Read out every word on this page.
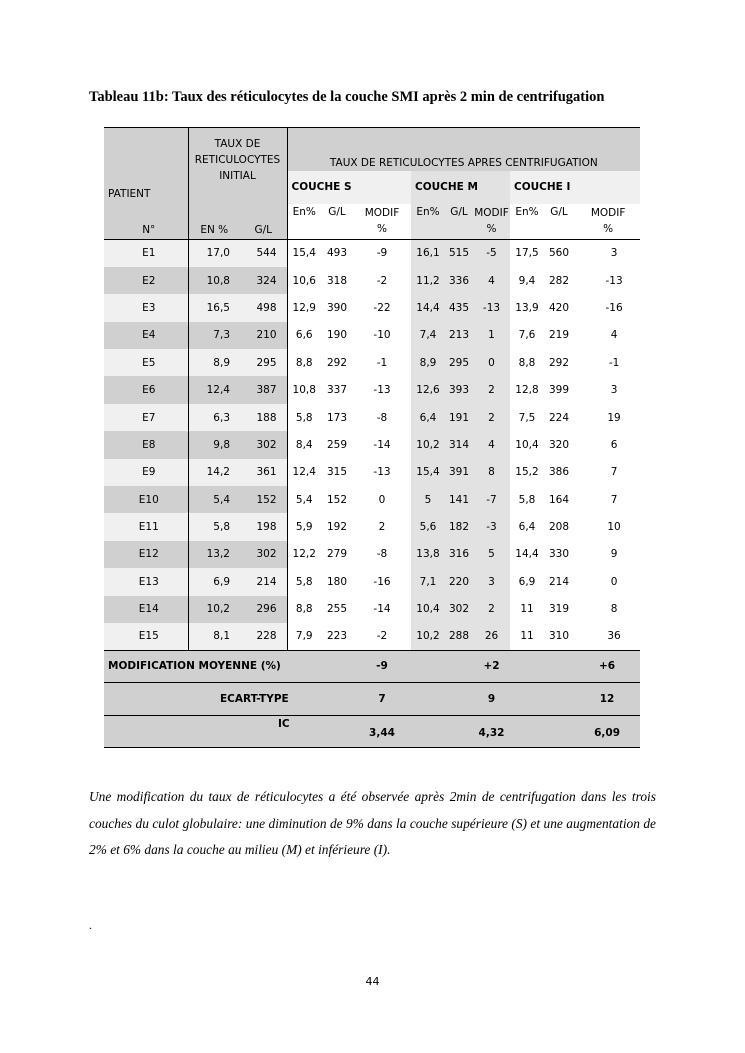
Tableau 11b: Taux des réticulocytes de la couche SMI après 2 min de centrifugation
PATIENT	TAUX DE RETICULOCYTES INITIAL		TAUX DE RETICULOCYTES APRES CENTRIFUGATION								
			COUCHE S			COUCHE M			COUCHE I		
N°	EN %	G/L	En%	G/L	MODIF %	En%	G/L	MODIF %	En%	G/L	MODIF %
E1	17,0	544	15,4	493	-9	16,1	515	-5	17,5	560	3
E2	10,8	324	10,6	318	-2	11,2	336	4	9,4	282	-13
E3	16,5	498	12,9	390	-22	14,4	435	-13	13,9	420	-16
E4	7,3	210	6,6	190	-10	7,4	213	1	7,6	219	4
E5	8,9	295	8,8	292	-1	8,9	295	0	8,8	292	-1
E6	12,4	387	10,8	337	-13	12,6	393	2	12,8	399	3
E7	6,3	188	5,8	173	-8	6,4	191	2	7,5	224	19
E8	9,8	302	8,4	259	-14	10,2	314	4	10,4	320	6
E9	14,2	361	12,4	315	-13	15,4	391	8	15,2	386	7
E10	5,4	152	5,4	152	0	5	141	-7	5,8	164	7
E11	5,8	198	5,9	192	2	5,6	182	-3	6,4	208	10
E12	13,2	302	12,2	279	-8	13,8	316	5	14,4	330	9
E13	6,9	214	5,8	180	-16	7,1	220	3	6,9	214	0
E14	10,2	296	8,8	255	-14	10,4	302	2	11	319	8
E15	8,1	228	7,9	223	-2	10,2	288	26	11	310	36
MODIFICATION MOYENNE (%)					-9			+2			+6
ECART-TYPE					7			9			12
IC					3,44			4,32			6,09
Une modification du taux de réticulocytes a été observée après 2min de centrifugation dans les trois couches du culot globulaire: une diminution de 9% dans la couche supérieure (S) et une augmentation de 2% et 6% dans la couche au milieu (M) et inférieure (I).
.
44
